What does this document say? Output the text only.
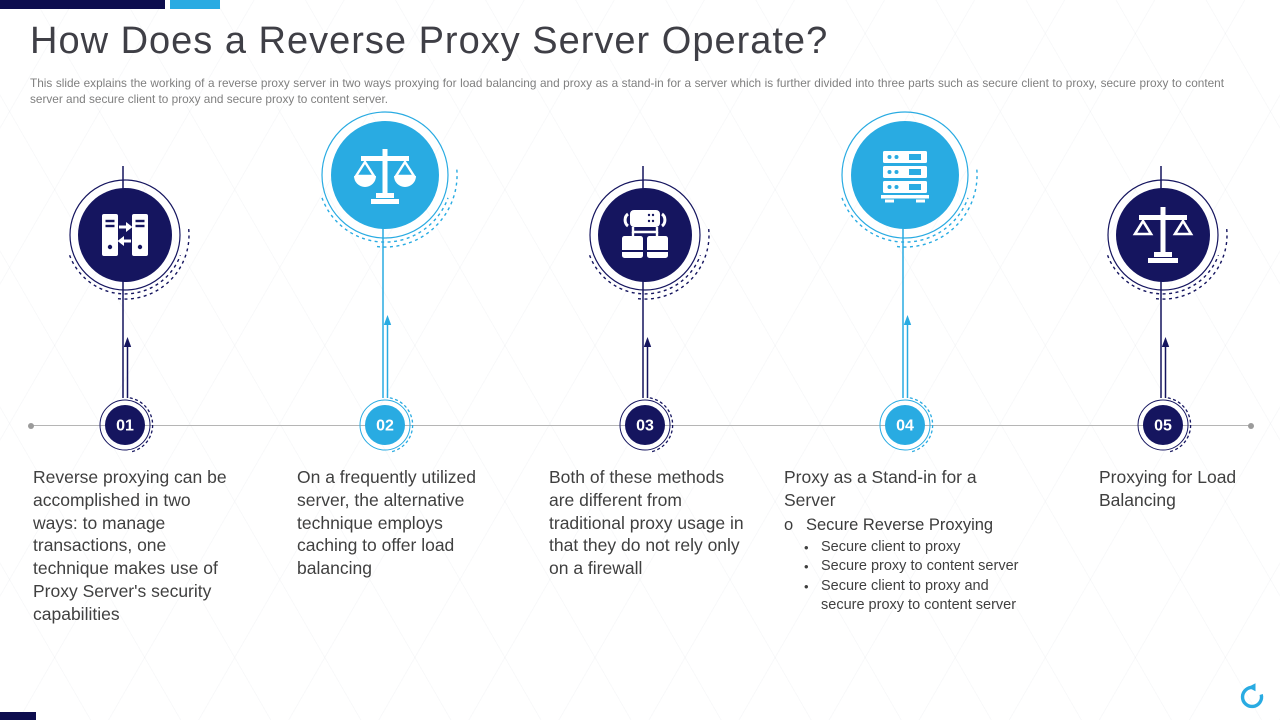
How Does a Reverse Proxy Server Operate?
This slide explains the working of a reverse proxy server in two ways proxying for load balancing and proxy as a stand-in for a server which is further divided into three parts such as secure client to proxy, secure proxy to content server and secure client to proxy and secure proxy to content server.
01
Reverse proxying can be accomplished in two ways: to manage transactions, one technique makes use of Proxy Server's security capabilities
02
On a frequently utilized server, the alternative technique employs caching to offer load balancing
03
Both of these methods are different from traditional proxy usage in that they do not rely only on a firewall
04
Proxy as a Stand-in for a Server
o Secure Reverse Proxying
• Secure client to proxy
• Secure proxy to content server
• Secure client to proxy and secure proxy to content server
05
Proxying for Load Balancing
